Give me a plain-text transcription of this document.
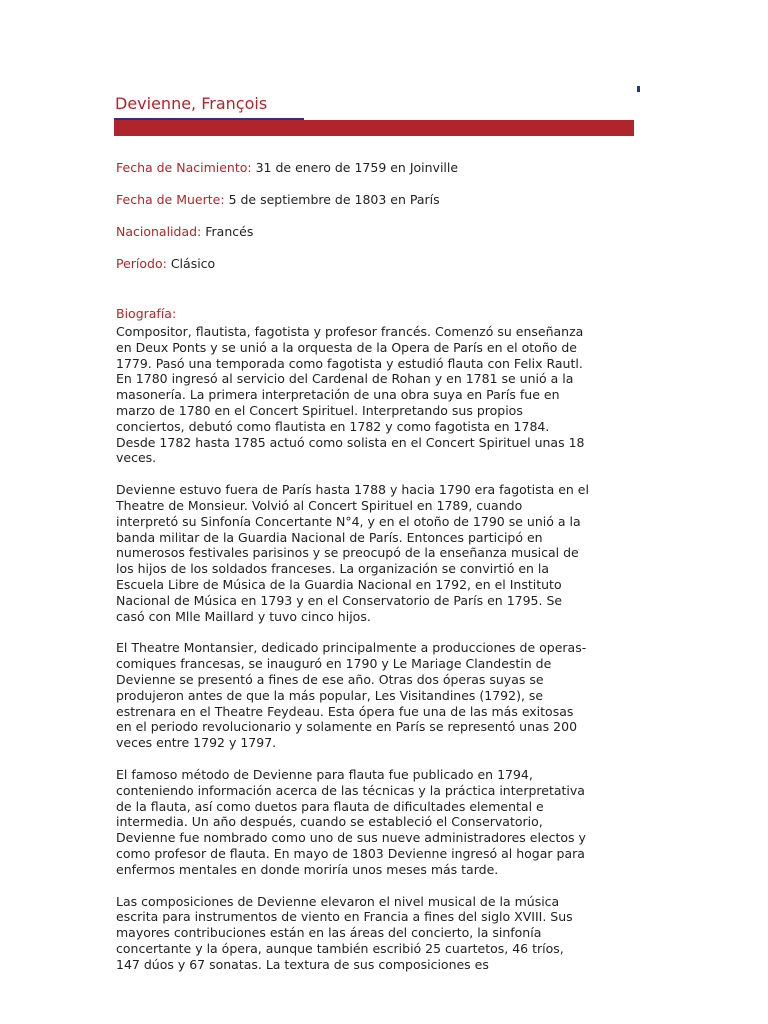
Devienne, François

Fecha de Nacimiento: 31 de enero de 1759 en Joinville

Fecha de Muerte: 5 de septiembre de 1803 en París

Nacionalidad: Francés

Período: Clásico

Biografía:

Compositor, flautista, fagotista y profesor francés. Comenzó su enseñanza
en Deux Ponts y se unió a la orquesta de la Opera de París en el otoño de
1779. Pasó una temporada como fagotista y estudió flauta con Felix Rautl.
En 1780 ingresó al servicio del Cardenal de Rohan y en 1781 se unió a la
masonería. La primera interpretación de una obra suya en París fue en
marzo de 1780 en el Concert Spirituel. Interpretando sus propios
conciertos, debutó como flautista en 1782 y como fagotista en 1784.
Desde 1782 hasta 1785 actuó como solista en el Concert Spirituel unas 18
veces.

Devienne estuvo fuera de París hasta 1788 y hacia 1790 era fagotista en el
Theatre de Monsieur. Volvió al Concert Spirituel en 1789, cuando
interpretó su Sinfonía Concertante N°4, y en el otoño de 1790 se unió a la
banda militar de la Guardia Nacional de París. Entonces participó en
numerosos festivales parisinos y se preocupó de la enseñanza musical de
los hijos de los soldados franceses. La organización se convirtió en la
Escuela Libre de Música de la Guardia Nacional en 1792, en el Instituto
Nacional de Música en 1793 y en el Conservatorio de París en 1795. Se
casó con Mlle Maillard y tuvo cinco hijos.

El Theatre Montansier, dedicado principalmente a producciones de operas-
comiques francesas, se inauguró en 1790 y Le Mariage Clandestin de
Devienne se presentó a fines de ese año. Otras dos óperas suyas se
produjeron antes de que la más popular, Les Visitandines (1792), se
estrenara en el Theatre Feydeau. Esta ópera fue una de las más exitosas
en el periodo revolucionario y solamente en París se representó unas 200
veces entre 1792 y 1797.

El famoso método de Devienne para flauta fue publicado en 1794,
conteniendo información acerca de las técnicas y la práctica interpretativa
de la flauta, así como duetos para flauta de dificultades elemental e
intermedia. Un año después, cuando se estableció el Conservatorio,
Devienne fue nombrado como uno de sus nueve administradores electos y
como profesor de flauta. En mayo de 1803 Devienne ingresó al hogar para
enfermos mentales en donde moriría unos meses más tarde.

Las composiciones de Devienne elevaron el nivel musical de la música
escrita para instrumentos de viento en Francia a fines del siglo XVIII. Sus
mayores contribuciones están en las áreas del concierto, la sinfonía
concertante y la ópera, aunque también escribió 25 cuartetos, 46 tríos,
147 dúos y 67 sonatas. La textura de sus composiciones es
